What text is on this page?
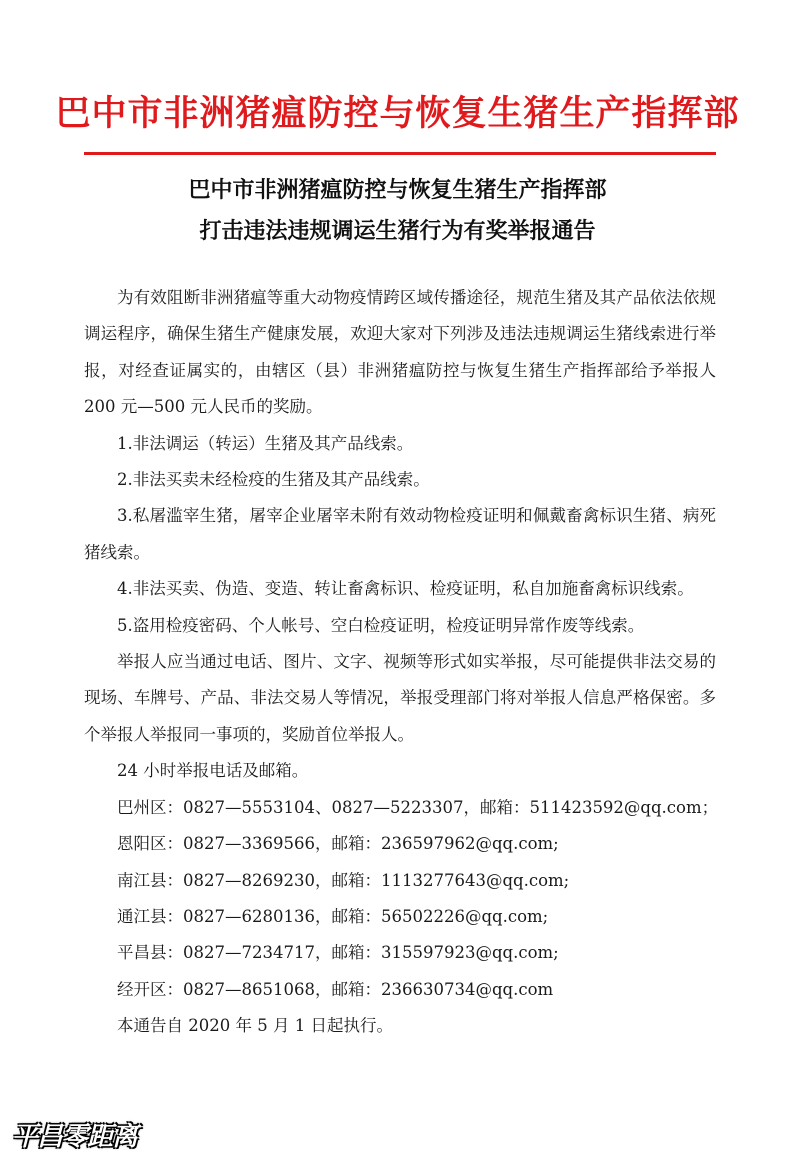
巴中市非洲猪瘟防控与恢复生猪生产指挥部
巴中市非洲猪瘟防控与恢复生猪生产指挥部
打击违法违规调运生猪行为有奖举报通告

为有效阻断非洲猪瘟等重大动物疫情跨区域传播途径，规范生猪及其产品依法依规调运程序，确保生猪生产健康发展，欢迎大家对下列涉及违法违规调运生猪线索进行举报，对经查证属实的，由辖区（县）非洲猪瘟防控与恢复生猪生产指挥部给予举报人 200 元—500 元人民币的奖励。

1.非法调运（转运）生猪及其产品线索。

2.非法买卖未经检疫的生猪及其产品线索。

3.私屠滥宰生猪，屠宰企业屠宰未附有效动物检疫证明和佩戴畜禽标识生猪、病死猪线索。

4.非法买卖、伪造、变造、转让畜禽标识、检疫证明，私自加施畜禽标识线索。

5.盗用检疫密码、个人帐号、空白检疫证明，检疫证明异常作废等线索。

举报人应当通过电话、图片、文字、视频等形式如实举报，尽可能提供非法交易的现场、车牌号、产品、非法交易人等情况，举报受理部门将对举报人信息严格保密。多个举报人举报同一事项的，奖励首位举报人。

24 小时举报电话及邮箱。

巴州区：0827—5553104、0827—5223307，邮箱：511423592@qq.com；

恩阳区：0827—3369566，邮箱：236597962@qq.com;

南江县：0827—8269230，邮箱：1113277643@qq.com;

通江县：0827—6280136，邮箱：56502226@qq.com;

平昌县：0827—7234717，邮箱：315597923@qq.com;

经开区：0827—8651068，邮箱：236630734@qq.com

本通告自 2020 年 5 月 1 日起执行。

平昌零距离
